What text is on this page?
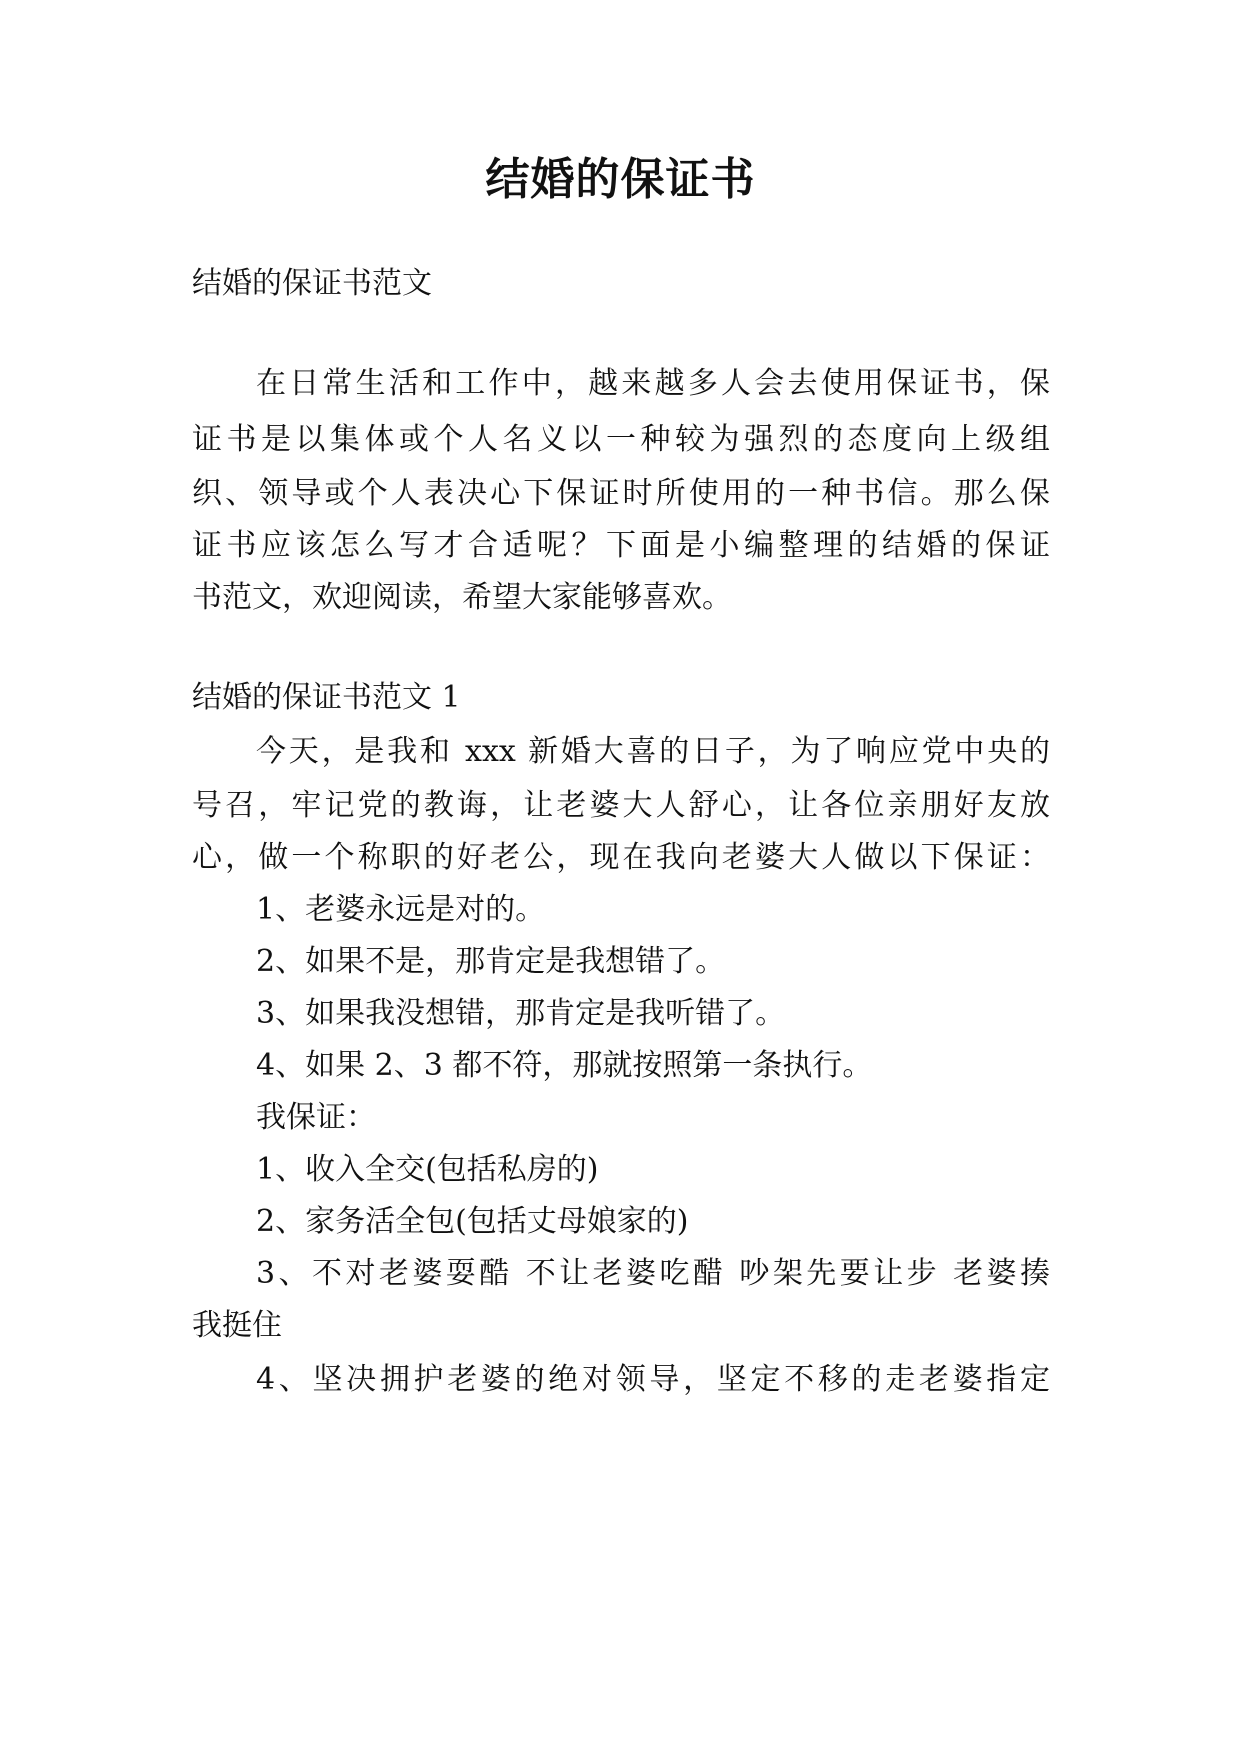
结婚的保证书
结婚的保证书范文
在日常生活和工作中，越来越多人会去使用保证书，保
证书是以集体或个人名义以一种较为强烈的态度向上级组
织、领导或个人表决心下保证时所使用的一种书信。那么保
证书应该怎么写才合适呢？下面是小编整理的结婚的保证
书范文，欢迎阅读，希望大家能够喜欢。
结婚的保证书范文 1
今天，是我和 xxx 新婚大喜的日子，为了响应党中央的
号召，牢记党的教诲，让老婆大人舒心，让各位亲朋好友放
心，做一个称职的好老公，现在我向老婆大人做以下保证：
1、老婆永远是对的。
2、如果不是，那肯定是我想错了。
3、如果我没想错，那肯定是我听错了。
4、如果 2、3 都不符，那就按照第一条执行。
我保证：
1、收入全交(包括私房的)
2、家务活全包(包括丈母娘家的)
3、不对老婆耍酷 不让老婆吃醋 吵架先要让步 老婆揍
我挺住
4、坚决拥护老婆的绝对领导，坚定不移的走老婆指定
